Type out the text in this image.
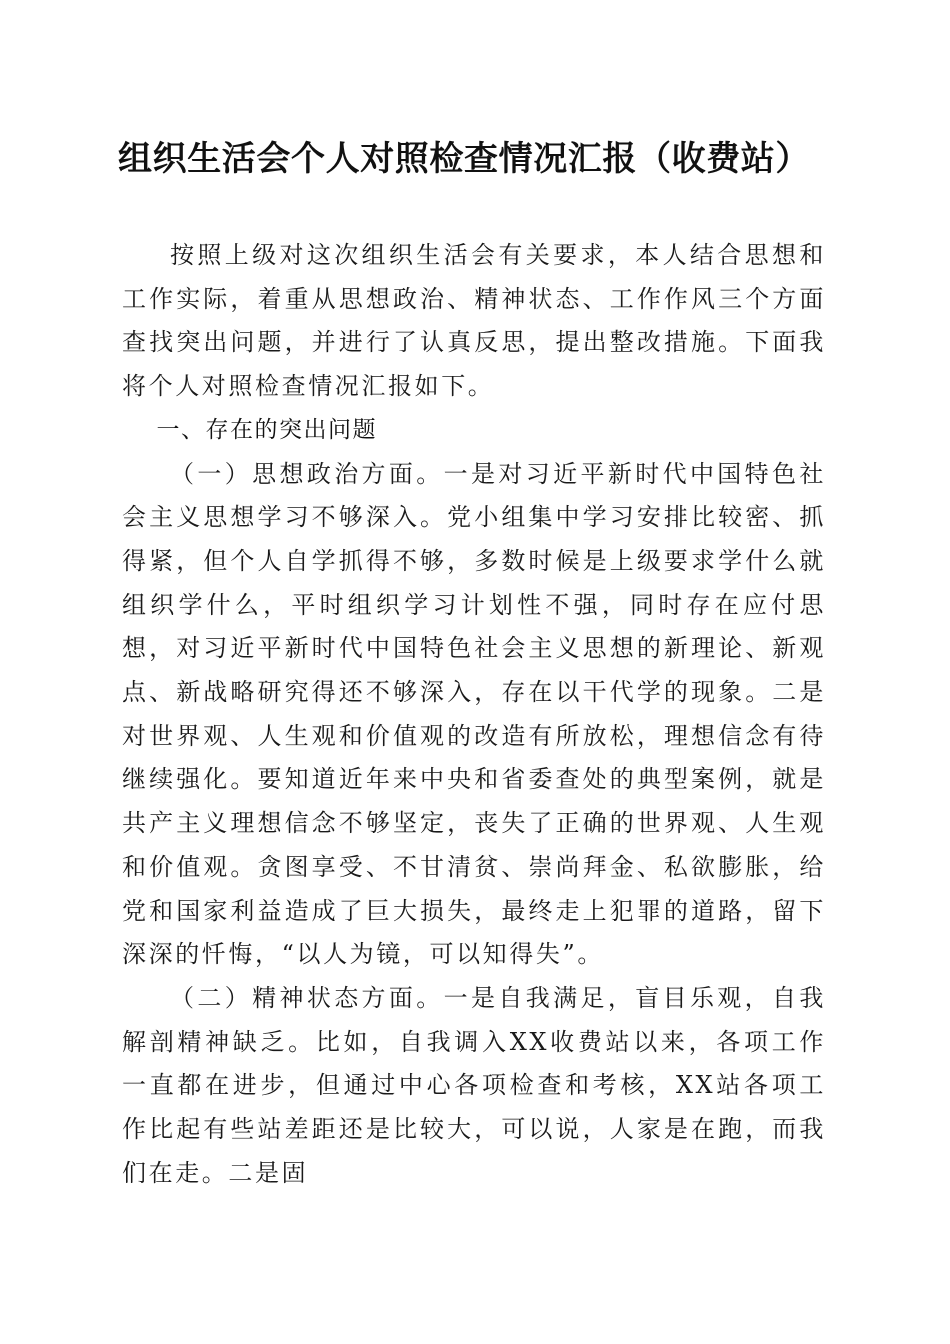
组织生活会个人对照检查情况汇报（收费站）

按照上级对这次组织生活会有关要求，本人结合思想和工作实际，着重从思想政治、精神状态、工作作风三个方面查找突出问题，并进行了认真反思，提出整改措施。下面我将个人对照检查情况汇报如下。

一、存在的突出问题

（一）思想政治方面。一是对习近平新时代中国特色社会主义思想学习不够深入。党小组集中学习安排比较密、抓得紧，但个人自学抓得不够，多数时候是上级要求学什么就组织学什么，平时组织学习计划性不强，同时存在应付思想，对习近平新时代中国特色社会主义思想的新理论、新观点、新战略研究得还不够深入，存在以干代学的现象。二是对世界观、人生观和价值观的改造有所放松，理想信念有待继续强化。要知道近年来中央和省委查处的典型案例，就是共产主义理想信念不够坚定，丧失了正确的世界观、人生观和价值观。贪图享受、不甘清贫、崇尚拜金、私欲膨胀，给党和国家利益造成了巨大损失，最终走上犯罪的道路，留下深深的忏悔，“以人为镜，可以知得失”。

（二）精神状态方面。一是自我满足，盲目乐观，自我解剖精神缺乏。比如，自我调入XX收费站以来，各项工作一直都在进步，但通过中心各项检查和考核，XX站各项工作比起有些站差距还是比较大，可以说，人家是在跑，而我们在走。二是固
